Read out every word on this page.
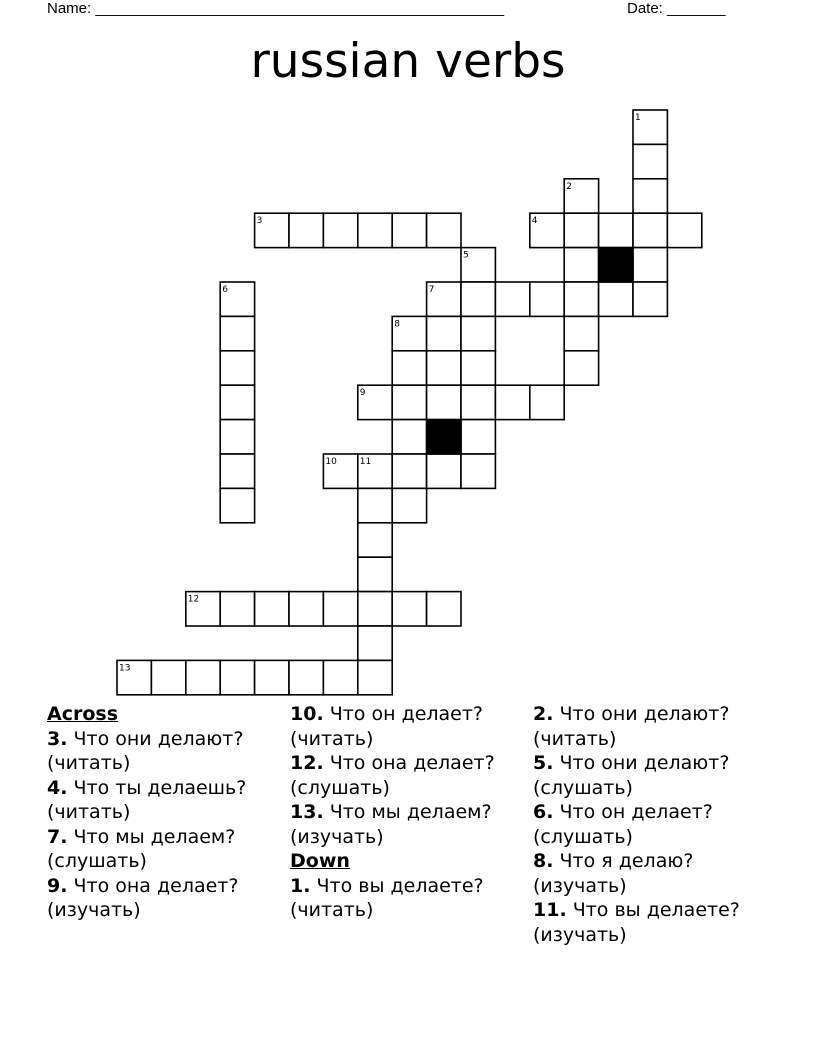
Name: _________________________________________________	Date: _______
russian verbs
1
2
3	4
5
6	7
8
9
10	11
12
13
Across
3. Что они делают? (читать)
4. Что ты делаешь? (читать)
7. Что мы делаем? (слушать)
9. Что она делает? (изучать)
10. Что он делает? (читать)
12. Что она делает? (слушать)
13. Что мы делаем? (изучать)
Down
1. Что вы делаете? (читать)
2. Что они делают? (читать)
5. Что они делают? (слушать)
6. Что он делает? (слушать)
8. Что я делаю? (изучать)
11. Что вы делаете? (изучать)
